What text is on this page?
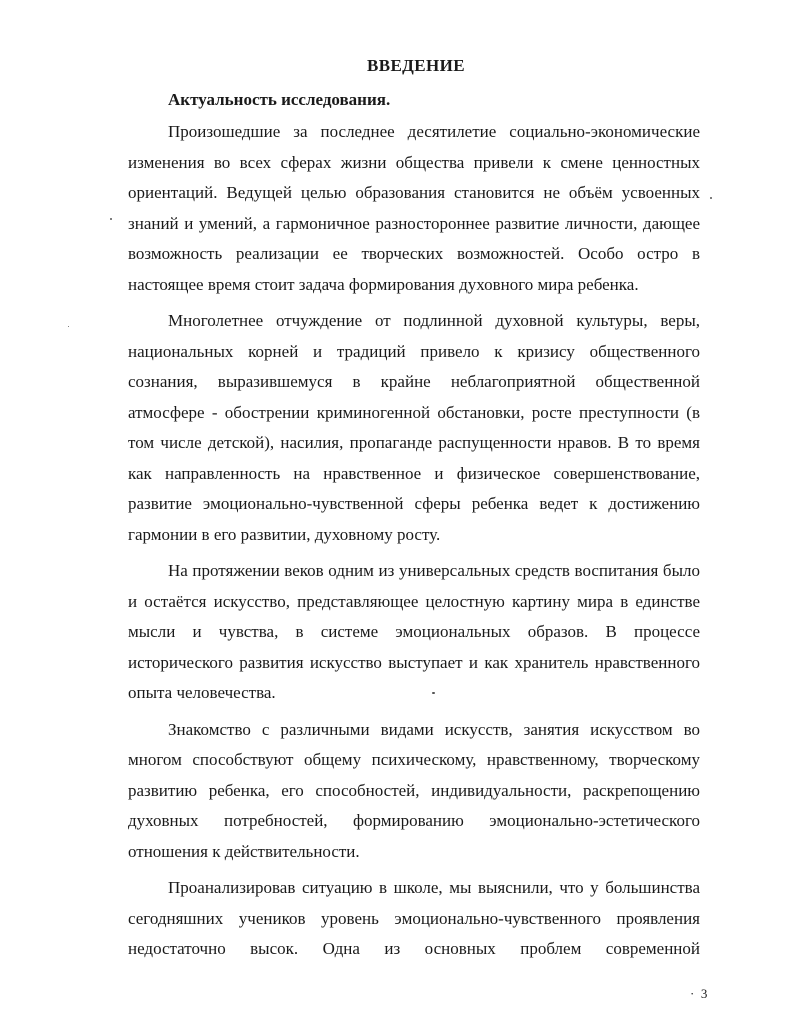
ВВЕДЕНИЕ
Актуальность исследования.

Произошедшие за последнее десятилетие социально-экономические изменения во всех сферах жизни общества привели к смене ценностных ориентаций. Ведущей целью образования становится не объём усвоенных знаний и умений, а гармоничное разностороннее развитие личности, дающее возможность реализации ее творческих возможностей. Особо остро в настоящее время стоит задача формирования духовного мира ребенка.

Многолетнее отчуждение от подлинной духовной культуры, веры, национальных корней и традиций привело к кризису общественного сознания, выразившемуся в крайне неблагоприятной общественной атмосфере - обострении криминогенной обстановки, росте преступности (в том числе детской), насилия, пропаганде распущенности нравов. В то время как направленность на нравственное и физическое совершенствование, развитие эмоционально-чувственной сферы ребенка ведет к достижению гармонии в его развитии, духовному росту.

На протяжении веков одним из универсальных средств воспитания было и остаётся искусство, представляющее целостную картину мира в единстве мысли и чувства, в системе эмоциональных образов. В процессе исторического развития искусство выступает и как хранитель нравственного опыта человечества.

Знакомство с различными видами искусств, занятия искусством во многом способствуют общему психическому, нравственному, творческому развитию ребенка, его способностей, индивидуальности, раскрепощению духовных потребностей, формированию эмоционально-эстетического отношения к действительности.

Проанализировав ситуацию в школе, мы выяснили, что у большинства сегодняшних учеников уровень эмоционально-чувственного проявления недостаточно высок. Одна из основных проблем современной

·  3
